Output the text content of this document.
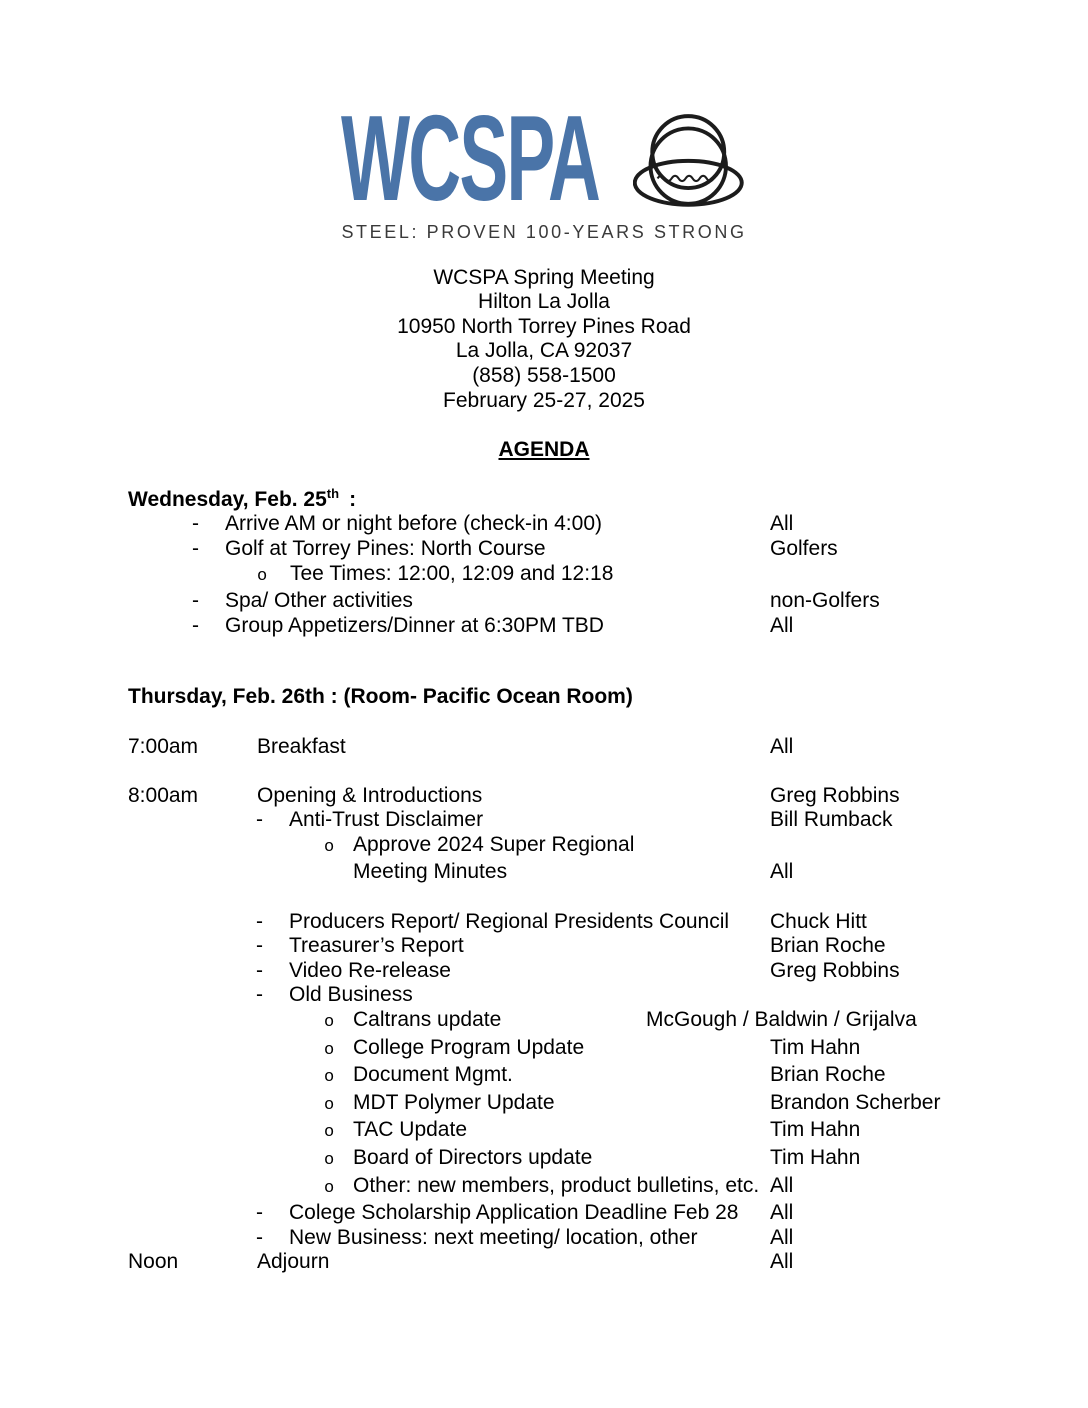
WCSPA
STEEL: PROVEN 100-YEARS STRONG
WCSPA Spring Meeting
Hilton La Jolla
10950 North Torrey Pines Road
La Jolla, CA 92037
(858) 558-1500
February 25-27, 2025
AGENDA
Wednesday, Feb. 25th :
- Arrive AM or night before (check-in 4:00)	All
- Golf at Torrey Pines: North Course	Golfers
o Tee Times: 12:00, 12:09 and 12:18
- Spa/ Other activities	non-Golfers
- Group Appetizers/Dinner at 6:30PM TBD	All
Thursday, Feb. 26th : (Room- Pacific Ocean Room)
7:00am	Breakfast	All
8:00am	Opening & Introductions	Greg Robbins
- Anti-Trust Disclaimer	Bill Rumback
o Approve 2024 Super Regional
Meeting Minutes	All
- Producers Report/ Regional Presidents Council Chuck Hitt
- Treasurer’s Report	Brian Roche
- Video Re-release	Greg Robbins
- Old Business
o Caltrans update	McGough / Baldwin / Grijalva
o College Program Update	Tim Hahn
o Document Mgmt.	Brian Roche
o MDT Polymer Update	Brandon Scherber
o TAC Update	Tim Hahn
o Board of Directors update	Tim Hahn
o Other: new members, product bulletins, etc. All
- Colege Scholarship Application Deadline Feb 28 All
- New Business: next meeting/ location, other	All
Noon	Adjourn	All
